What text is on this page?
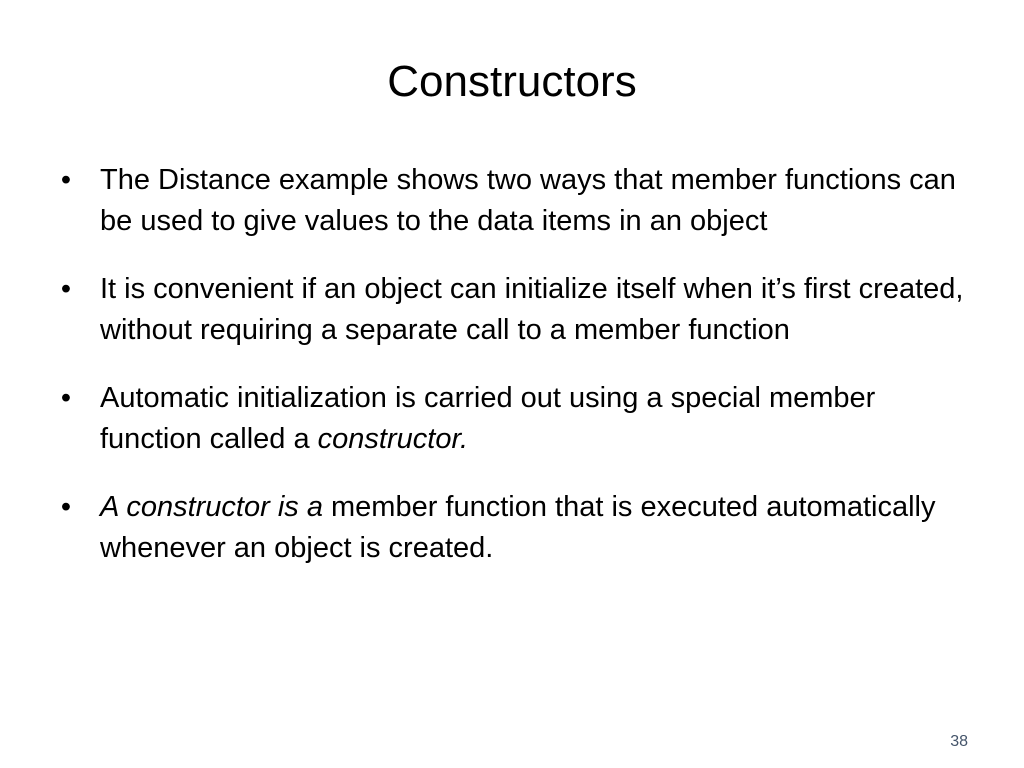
Constructors
• The Distance example shows two ways that member functions can be used to give values to the data items in an object
• It is convenient if an object can initialize itself when it’s first created, without requiring a separate call to a member function
• Automatic initialization is carried out using a special member function called a constructor.
• A constructor is a member function that is executed automatically whenever an object is created.
38
